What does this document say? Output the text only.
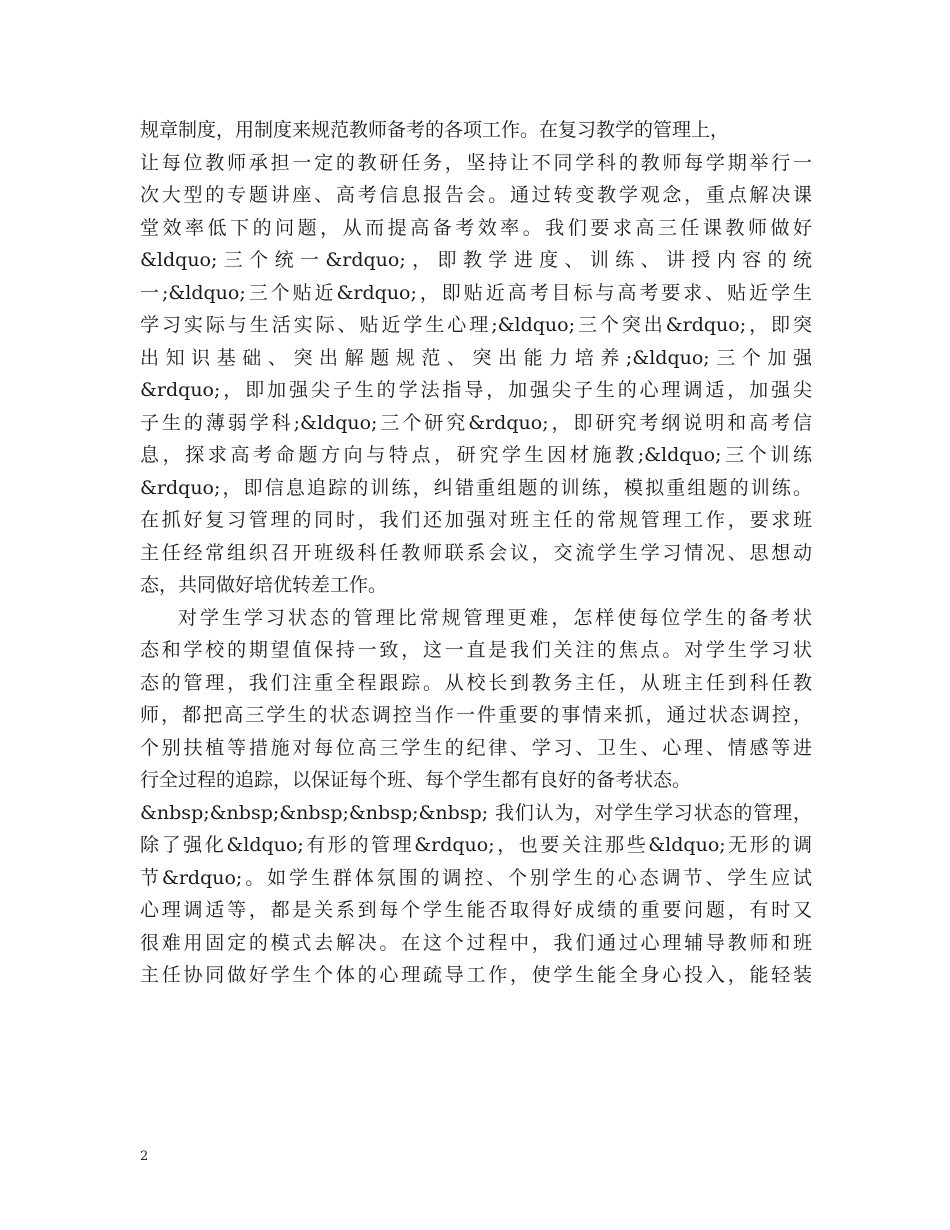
规章制度，用制度来规范教师备考的各项工作。在复习教学的管理上，
让每位教师承担一定的教研任务，坚持让不同学科的教师每学期举行一
次大型的专题讲座、高考信息报告会。通过转变教学观念，重点解决课
堂效率低下的问题，从而提高备考效率。我们要求高三任课教师做好
&ldquo;三个统一&rdquo;，即教学进度、训练、讲授内容的统
一;&ldquo;三个贴近&rdquo;，即贴近高考目标与高考要求、贴近学生
学习实际与生活实际、贴近学生心理;&ldquo;三个突出&rdquo;，即突
出知识基础、突出解题规范、突出能力培养;&ldquo;三个加强
&rdquo;，即加强尖子生的学法指导，加强尖子生的心理调适，加强尖
子生的薄弱学科;&ldquo;三个研究&rdquo;，即研究考纲说明和高考信
息，探求高考命题方向与特点，研究学生因材施教;&ldquo;三个训练
&rdquo;，即信息追踪的训练，纠错重组题的训练，模拟重组题的训练。
在抓好复习管理的同时，我们还加强对班主任的常规管理工作，要求班
主任经常组织召开班级科任教师联系会议，交流学生学习情况、思想动
态，共同做好培优转差工作。
对学生学习状态的管理比常规管理更难，怎样使每位学生的备考状
态和学校的期望值保持一致，这一直是我们关注的焦点。对学生学习状
态的管理，我们注重全程跟踪。从校长到教务主任，从班主任到科任教
师，都把高三学生的状态调控当作一件重要的事情来抓，通过状态调控，
个别扶植等措施对每位高三学生的纪律、学习、卫生、心理、情感等进
行全过程的追踪，以保证每个班、每个学生都有良好的备考状态。
&nbsp;&nbsp;&nbsp;&nbsp;&nbsp; 我们认为，对学生学习状态的管理，
除了强化&ldquo;有形的管理&rdquo;，也要关注那些&ldquo;无形的调
节&rdquo;。如学生群体氛围的调控、个别学生的心态调节、学生应试
心理调适等，都是关系到每个学生能否取得好成绩的重要问题，有时又
很难用固定的模式去解决。在这个过程中，我们通过心理辅导教师和班
主任协同做好学生个体的心理疏导工作，使学生能全身心投入，能轻装
2
